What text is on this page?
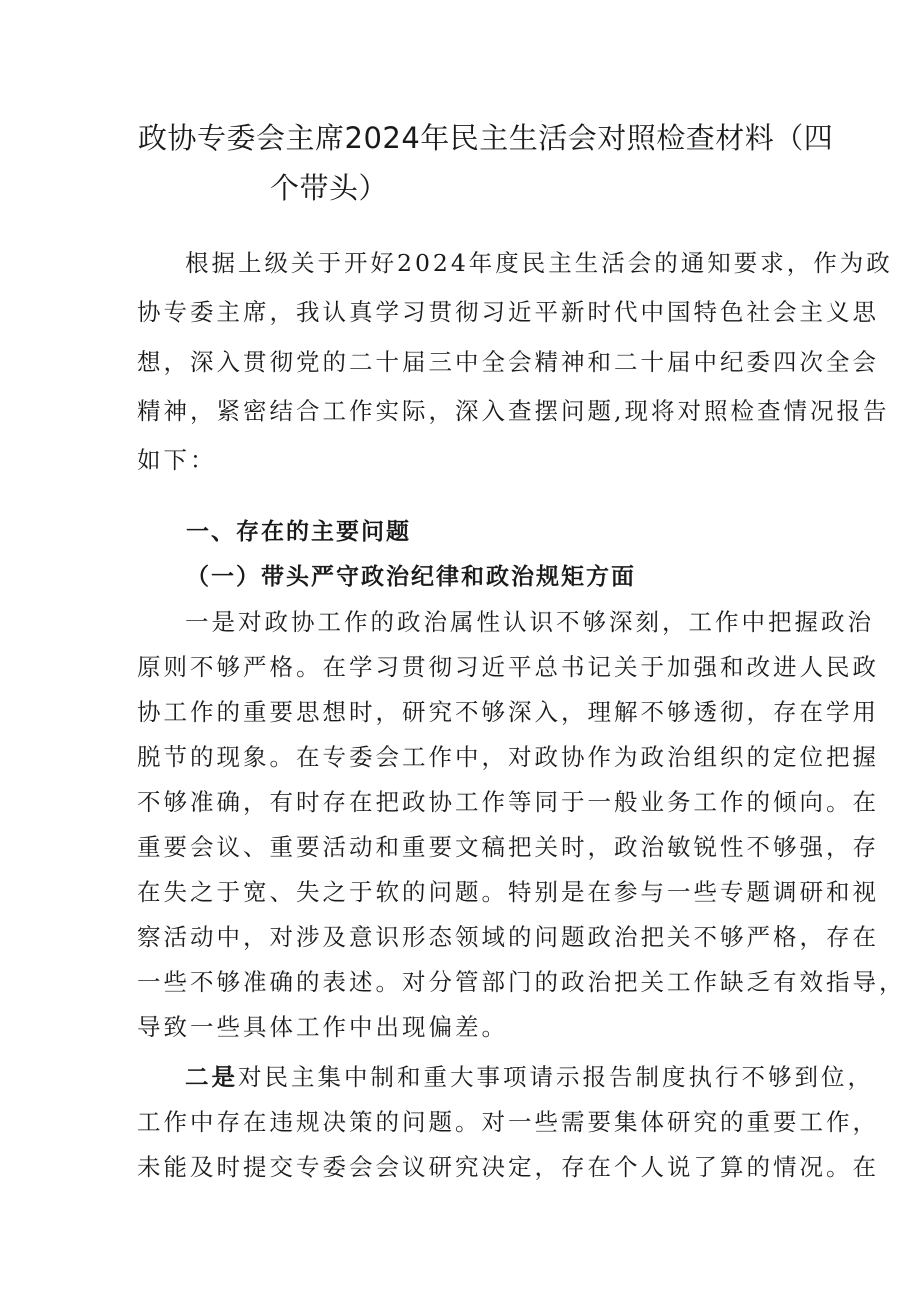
政协专委会主席2024年民主生活会对照检查材料（四
个带头）
根据上级关于开好2024年度民主生活会的通知要求，作为政
协专委主席，我认真学习贯彻习近平新时代中国特色社会主义思
想，深入贯彻党的二十届三中全会精神和二十届中纪委四次全会
精神，紧密结合工作实际，深入查摆问题,现将对照检查情况报告
如下：
一、存在的主要问题
（一）带头严守政治纪律和政治规矩方面
一是对政协工作的政治属性认识不够深刻，工作中把握政治
原则不够严格。在学习贯彻习近平总书记关于加强和改进人民政
协工作的重要思想时，研究不够深入，理解不够透彻，存在学用
脱节的现象。在专委会工作中，对政协作为政治组织的定位把握
不够准确，有时存在把政协工作等同于一般业务工作的倾向。在
重要会议、重要活动和重要文稿把关时，政治敏锐性不够强，存
在失之于宽、失之于软的问题。特别是在参与一些专题调研和视
察活动中，对涉及意识形态领域的问题政治把关不够严格，存在
一些不够准确的表述。对分管部门的政治把关工作缺乏有效指导，
导致一些具体工作中出现偏差。
二是对民主集中制和重大事项请示报告制度执行不够到位，
工作中存在违规决策的问题。对一些需要集体研究的重要工作，
未能及时提交专委会会议研究决定，存在个人说了算的情况。在
